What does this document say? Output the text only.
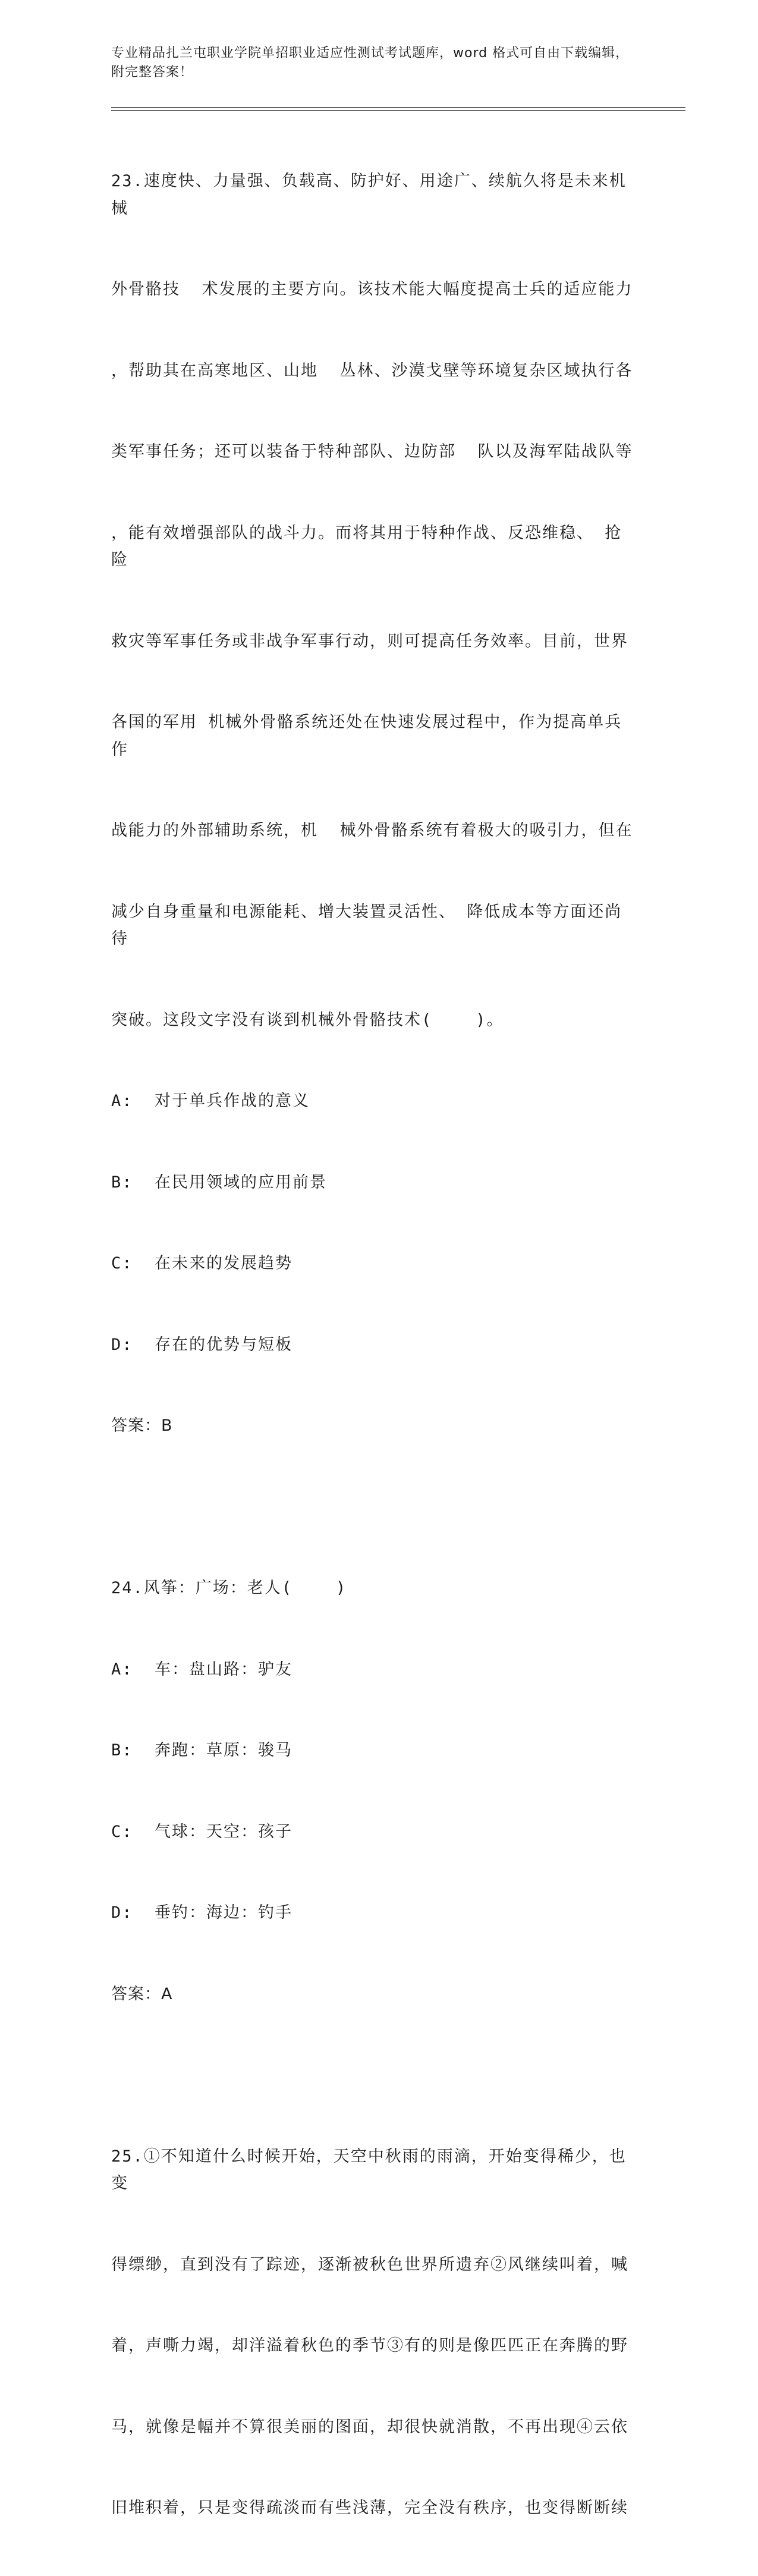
专业精品扎兰屯职业学院单招职业适应性测试考试题库，word 格式可自由下载编辑，附完整答案！

23.速度快、力量强、负载高、防护好、用途广、续航久将是未来机械

外骨骼技  术发展的主要方向。该技术能大幅度提高士兵的适应能力

，帮助其在高寒地区、山地  丛林、沙漠戈壁等环境复杂区域执行各

类军事任务；还可以装备于特种部队、边防部  队以及海军陆战队等

，能有效增强部队的战斗力。而将其用于特种作战、反恐维稳、 抢险

救灾等军事任务或非战争军事行动，则可提高任务效率。目前，世界

各国的军用 机械外骨骼系统还处在快速发展过程中，作为提高单兵作

战能力的外部辅助系统，机  械外骨骼系统有着极大的吸引力，但在

减少自身重量和电源能耗、增大装置灵活性、 降低成本等方面还尚待

突破。这段文字没有谈到机械外骨骼技术(    )。

A:  对于单兵作战的意义

B:  在民用领域的应用前景

C:  在未来的发展趋势

D:  存在的优势与短板

答案：B

24.风筝：广场：老人(    )

A:  车：盘山路：驴友

B:  奔跑：草原：骏马

C:  气球：天空：孩子

D:  垂钓：海边：钓手

答案：A

25.①不知道什么时候开始，天空中秋雨的雨滴，开始变得稀少，也变

得缥缈，直到没有了踪迹，逐渐被秋色世界所遗弃②风继续叫着，喊

着，声嘶力竭，却洋溢着秋色的季节③有的则是像匹匹正在奔腾的野

马，就像是幅并不算很美丽的图面，却很快就消散，不再出现④云依

旧堆积着，只是变得疏淡而有些浅薄，完全没有秩序，也变得断断续
